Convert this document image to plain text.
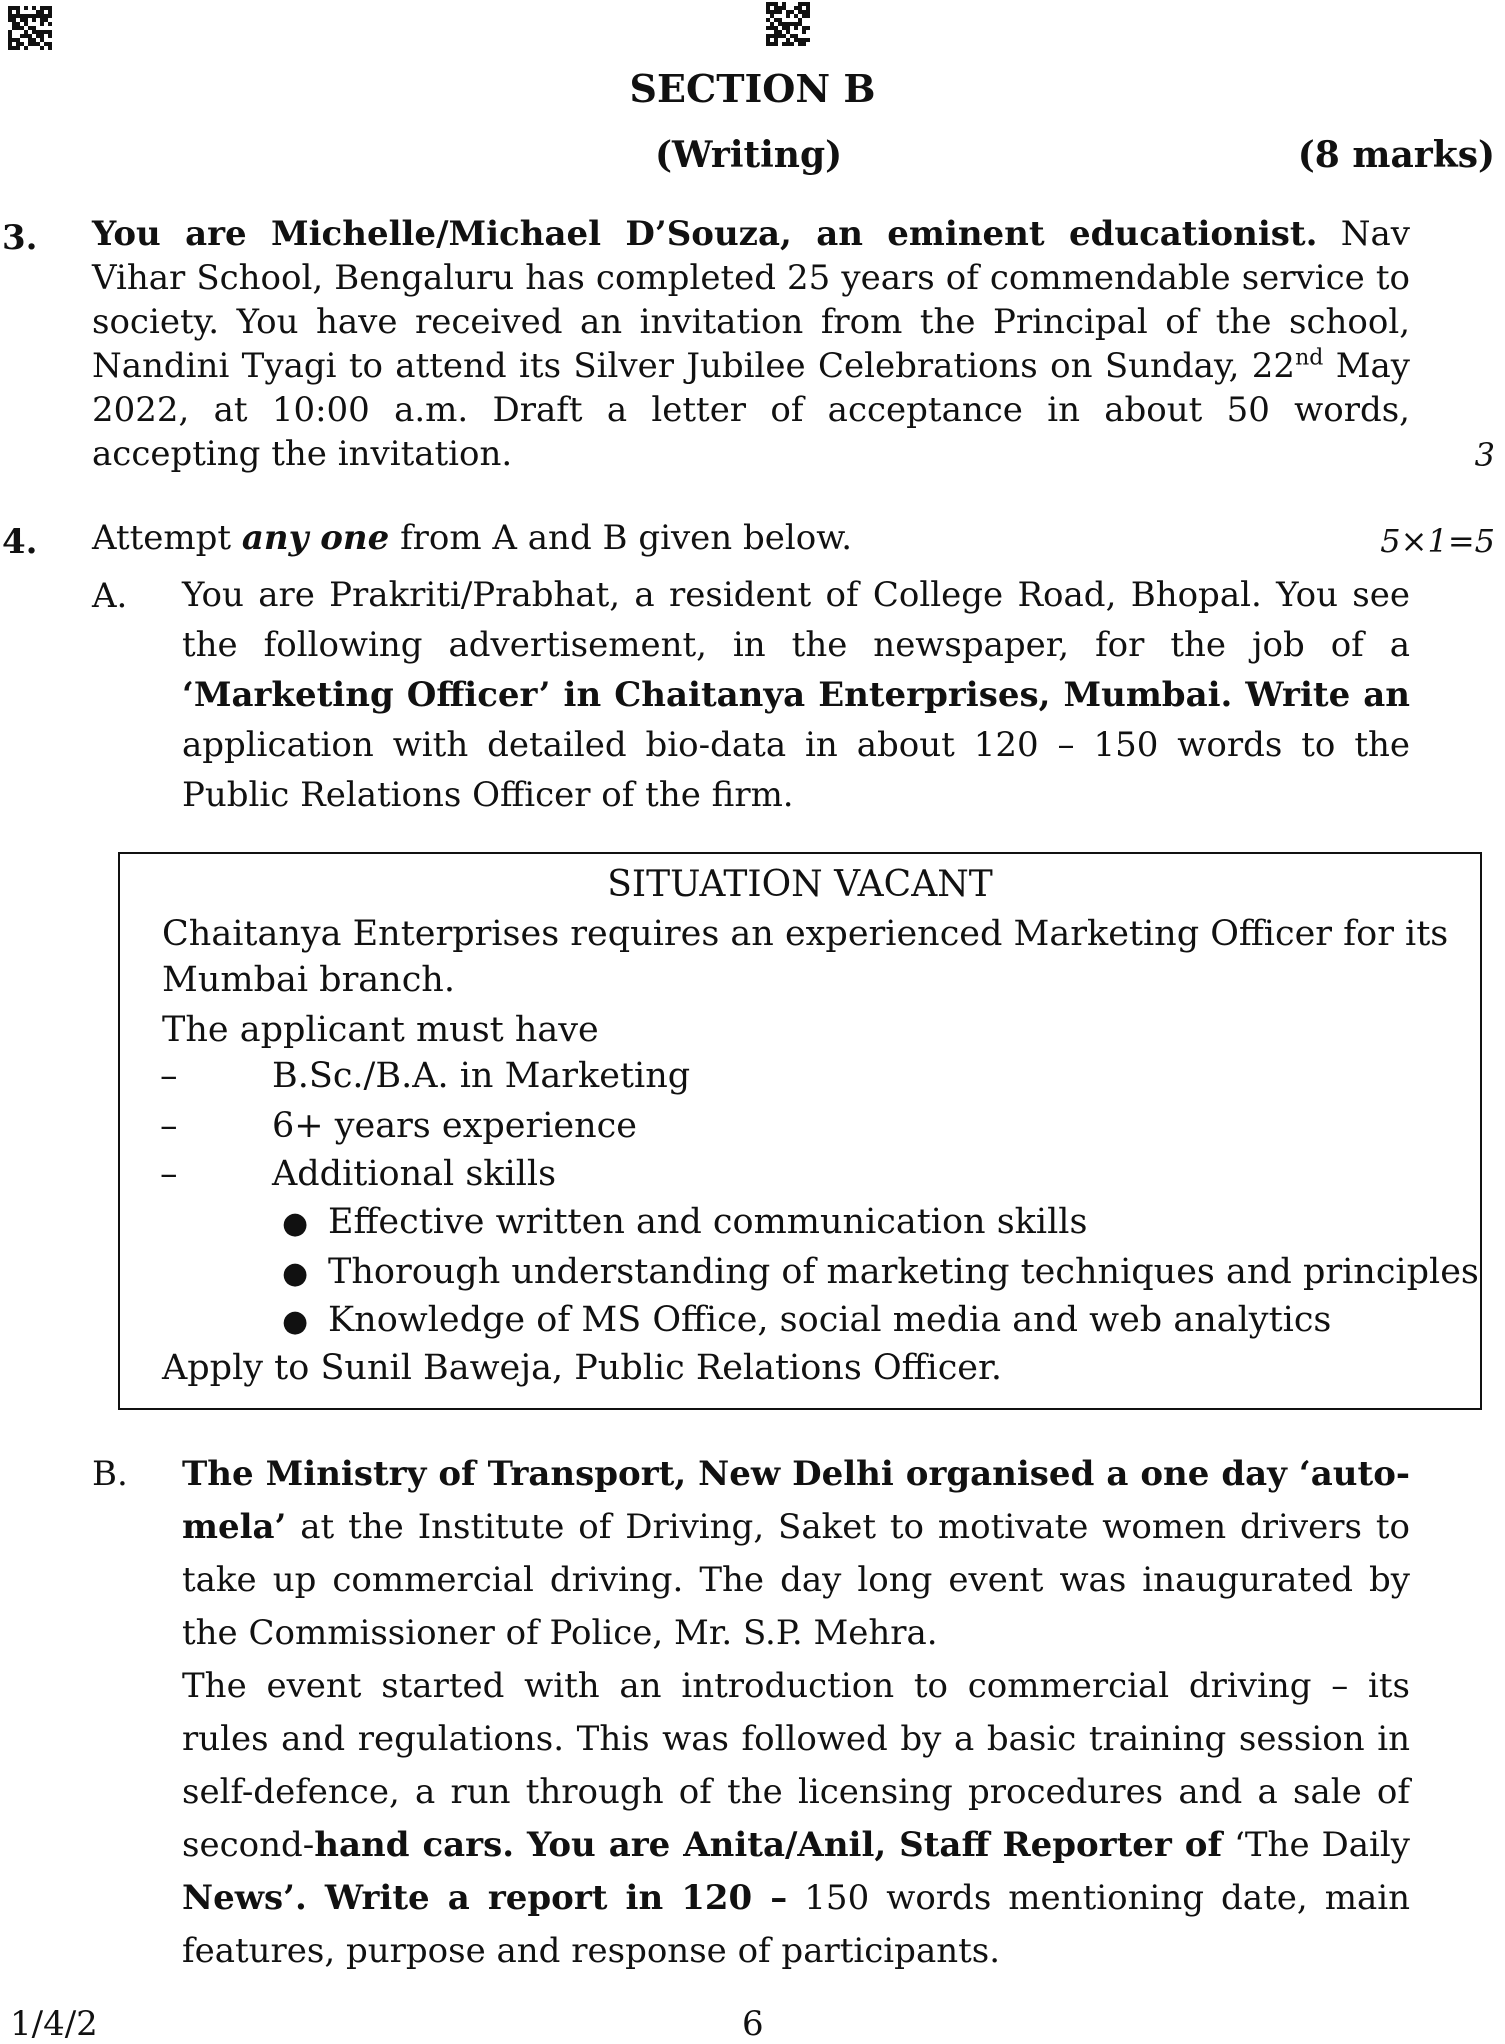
SECTION B
(Writing)	(8 marks)
3. You are Michelle/Michael D’Souza, an eminent educationist. Nav Vihar School, Bengaluru has completed 25 years of commendable service to society. You have received an invitation from the Principal of the school, Nandini Tyagi to attend its Silver Jubilee Celebrations on Sunday, 22nd May 2022, at 10:00 a.m. Draft a letter of acceptance in about 50 words, accepting the invitation.	3
4. Attempt any one from A and B given below.	5×1=5
A. You are Prakriti/Prabhat, a resident of College Road, Bhopal. You see the following advertisement, in the newspaper, for the job of a ‘Marketing Officer’ in Chaitanya Enterprises, Mumbai. Write an application with detailed bio-data in about 120 – 150 words to the Public Relations Officer of the firm.
SITUATION VACANT
Chaitanya Enterprises requires an experienced Marketing Officer for its
Mumbai branch.
The applicant must have
–	B.Sc./B.A. in Marketing
–	6+ years experience
–	Additional skills
● Effective written and communication skills
● Thorough understanding of marketing techniques and principles
● Knowledge of MS Office, social media and web analytics
Apply to Sunil Baweja, Public Relations Officer.
B. The Ministry of Transport, New Delhi organised a one day ‘auto-mela’ at the Institute of Driving, Saket to motivate women drivers to take up commercial driving. The day long event was inaugurated by the Commissioner of Police, Mr. S.P. Mehra.
The event started with an introduction to commercial driving – its rules and regulations. This was followed by a basic training session in self-defence, a run through of the licensing procedures and a sale of second-hand cars. You are Anita/Anil, Staff Reporter of ‘The Daily News’. Write a report in 120 – 150 words mentioning date, main features, purpose and response of participants.
1/4/2	6
